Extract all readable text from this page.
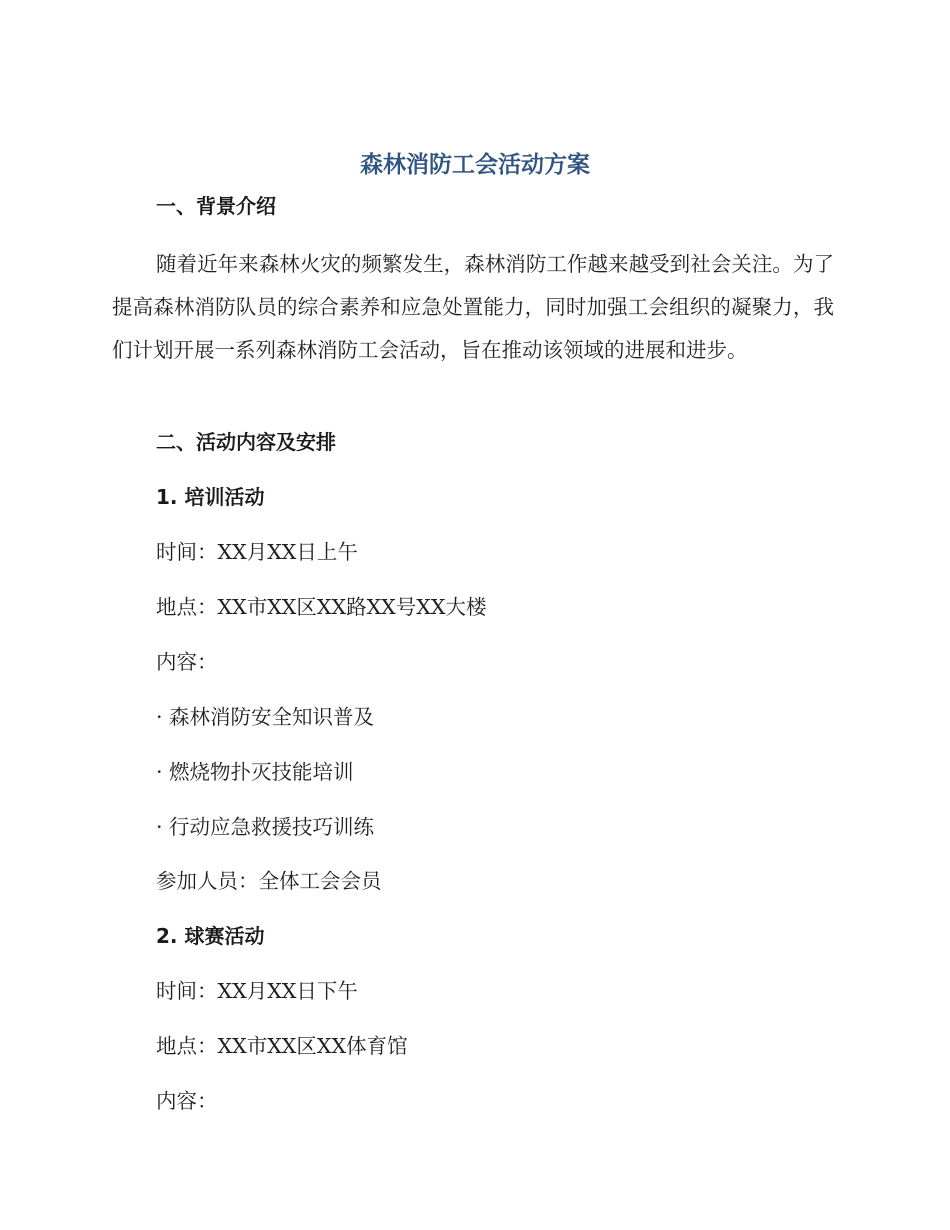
森林消防工会活动方案
一、背景介绍
随着近年来森林火灾的频繁发生，森林消防工作越来越受到社会关注。为了提高森林消防队员的综合素养和应急处置能力，同时加强工会组织的凝聚力，我们计划开展一系列森林消防工会活动，旨在推动该领域的进展和进步。
二、活动内容及安排
1. 培训活动
时间：XX月XX日上午
地点：XX市XX区XX路XX号XX大楼
内容：
· 森林消防安全知识普及
· 燃烧物扑灭技能培训
· 行动应急救援技巧训练
参加人员：全体工会会员
2. 球赛活动
时间：XX月XX日下午
地点：XX市XX区XX体育馆
内容：
